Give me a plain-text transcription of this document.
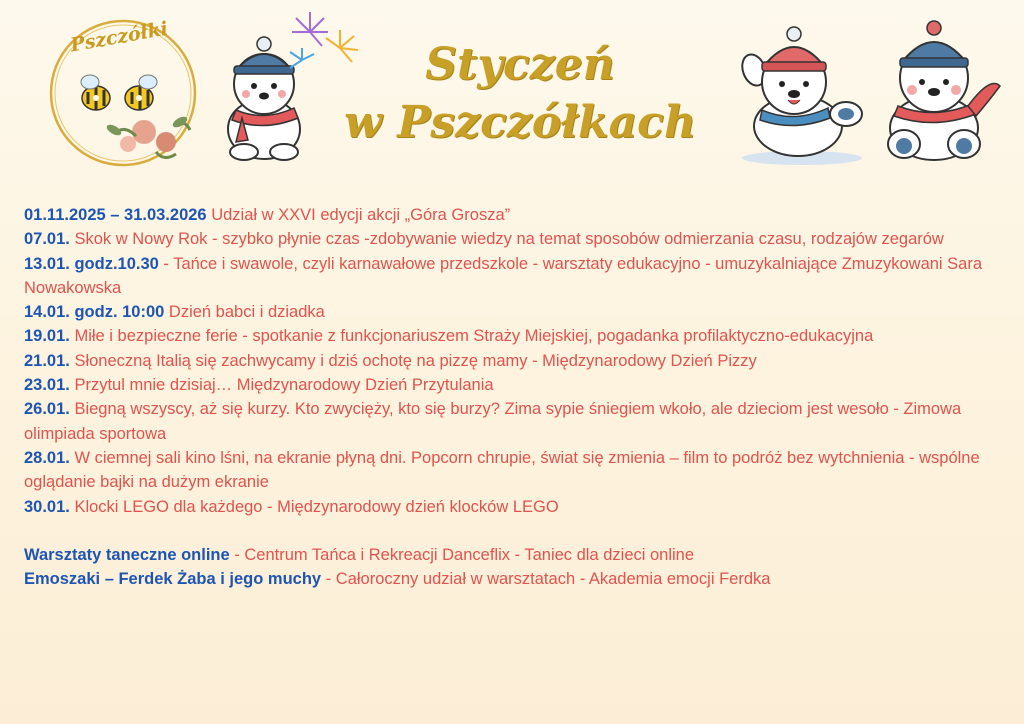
Pszczółki
Styczeń
w Pszczółkach

01.11.2025 – 31.03.2026 Udział w XXVI edycji akcji „Góra Grosza”

07.01. Skok w Nowy Rok - szybko płynie czas -zdobywanie wiedzy na temat sposobów odmierzania czasu, rodzajów zegarów

13.01. godz.10.30 - Tańce i swawole, czyli karnawałowe przedszkole - warsztaty edukacyjno - umuzykalniające Zmuzykowani Sara Nowakowska

14.01. godz. 10:00 Dzień babci i dziadka

19.01. Miłe i bezpieczne ferie - spotkanie z funkcjonariuszem Straży Miejskiej, pogadanka profilaktyczno-edukacyjna

21.01. Słoneczną Italią się zachwycamy i dziś ochotę na pizzę mamy - Międzynarodowy Dzień Pizzy

23.01. Przytul mnie dzisiaj… Międzynarodowy Dzień Przytulania

26.01. Biegną wszyscy, aż się kurzy. Kto zwycięży, kto się burzy? Zima sypie śniegiem wkoło, ale dzieciom jest wesoło - Zimowa olimpiada sportowa

28.01. W ciemnej sali kino lśni, na ekranie płyną dni. Popcorn chrupie, świat się zmienia – film to podróż bez wytchnienia - wspólne oglądanie bajki na dużym ekranie

30.01. Klocki LEGO dla każdego - Międzynarodowy dzień klocków LEGO

Warsztaty taneczne online - Centrum Tańca i Rekreacji Danceflix - Taniec dla dzieci online

Emoszaki – Ferdek Żaba i jego muchy - Całoroczny udział w warsztatach - Akademia emocji Ferdka
